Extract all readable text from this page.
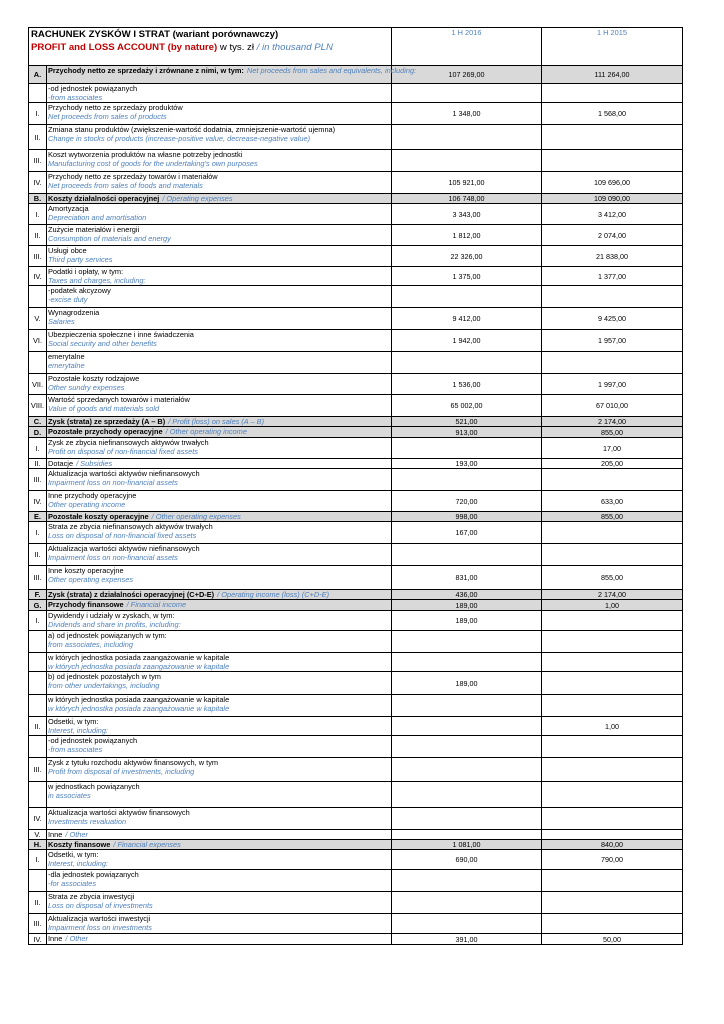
RACHUNEK ZYSKÓW I STRAT (wariant porównawczy)
PROFIT and LOSS ACCOUNT (by nature) w tys. zł / in thousand PLN		1 H 2016	1 H 2015
A.	Przychody netto ze sprzedaży i zrównane z nimi, w tym: Net proceeds from sales and equivalents, including:	107 269,00	111 264,00

	-od jednostek powiązanych
-from associates		

I.	Przychody netto ze sprzedaży produktów
Net proceeds from sales of products	1 348,00	1 568,00
II.	Zmiana stanu produktów (zwiększenie-wartość dodatnia, zmniejszenie-wartość ujemna)
Change in stocks of products (increase-positive value, decrease-negative value)		

III.	Koszt wytworzenia produktów na własne potrzeby jednostki
Manufacturing cost of goods for the undertaking's own purposes		

IV.	Przychody netto ze sprzedaży towarów i materiałów
Net proceeds from sales of foods and materials	105 921,00	109 696,00
B.	Koszty działalności operacyjnej / Operating expenses	106 748,00	109 090,00
I.	Amortyzacja
Depreciation and amortisation	3 343,00	3 412,00
II.	Zużycie materiałów i energii
Consumption of materials and energy	1 812,00	2 074,00
III.	Usługi obce
Third party services	22 326,00	21 838,00
IV.	Podatki i opłaty, w tym:
Taxes and charges, including:	1 375,00	1 377,00

	-podatek akcyzowy
-excise duty		

V.	Wynagrodzenia
Salaries	9 412,00	9 425,00
VI.	Ubezpieczenia społeczne i inne świadczenia
Social security and other benefits	1 942,00	1 957,00

	emerytalne
emerytalne		

VII.	Pozostałe koszty rodzajowe
Other sundry expenses	1 536,00	1 997,00
VIII.	Wartość sprzedanych towarów i materiałów
Value of goods and materials sold	65 002,00	67 010,00
C.	Zysk (strata) ze sprzedaży (A – B) / Profit (loss) on sales (A – B)	521,00	2 174,00
D.	Pozostałe przychody operacyjne / Other operating income	913,00	855,00
I.	Zysk ze zbycia niefinansowych aktywów trwałych
Profit on disposal of non-financial fixed assets		17,00
II.	Dotacje / Subsidies	193,00	205,00
III.	Aktualizacja wartości aktywów niefinansowych
Impairment loss on non-financial assets		

IV.	Inne przychody operacyjne
Other operating income	720,00	633,00
E.	Pozostałe koszty operacyjne / Other operating expenses	998,00	855,00
I.	Strata ze zbycia niefinansowych aktywów trwałych
Loss on disposal of non-financial fixed assets	167,00	
II.	Aktualizacja wartości aktywów niefinansowych
Impairment loss on non-financial assets		

III.	Inne koszty operacyjne
Other operating expenses	831,00	855,00
F.	Zysk (strata) z działalności operacyjnej (C+D-E) / Operating income (loss) (C+D-E)	436,00	2 174,00
G.	Przychody finansowe / Financial income	189,00	1,00
I.	Dywidendy i udziały w zyskach, w tym:
Dividends and share in profits, including:	189,00	

	a) od jednostek powiązanych w tym:
from associates, including		

	w których jednostka posiada zaangażowanie w kapitale
w których jednostka posiada zaangażowanie w kapitale		

	b) od jednostek pozostałych w tym
from other undertakings, including	189,00	

	w których jednostka posiada zaangażowanie w kapitale
w których jednostka posiada zaangażowanie w kapitale		

II.	Odsetki, w tym:
Interest, including:		1,00

	-od jednostek powiązanych
-from associates		

III.	Zysk z tytułu rozchodu aktywów finansowych, w tym
Profit from disposal of investments, including		

	w jednostkach powiązanych
in associates		

IV.	Aktualizacja wartości aktywów finansowych
Investments revaluation		

V.	Inne / Other		
H.	Koszty finansowe / Financial expenses	1 081,00	840,00
I.	Odsetki, w tym:
Interest, including:	690,00	790,00

	-dla jednostek powiązanych
-for associates		

II.	Strata ze zbycia inwestycji
Loss on disposal of investments		

III.	Aktualizacja wartości inwestycji
Impairment loss on investments		

IV.	Inne / Other	391,00	50,00
